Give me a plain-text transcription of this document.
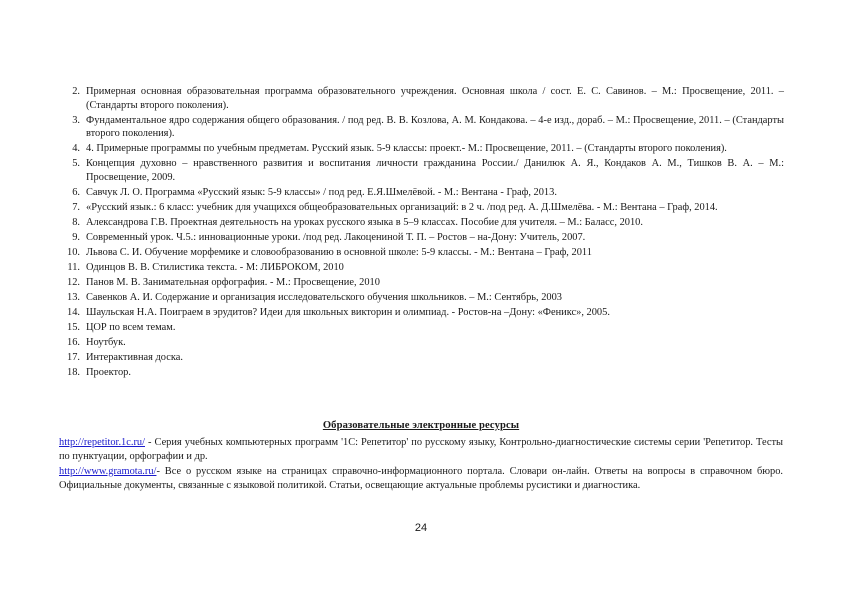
2. Примерная основная образовательная программа образовательного учреждения. Основная школа / сост. Е. С. Савинов. – М.: Просвещение, 2011. – (Стандарты второго поколения).
3. Фундаментальное ядро содержания общего образования. / под ред. В. В. Козлова, А. М. Кондакова. – 4-е изд., дораб. – М.: Просвещение, 2011. – (Стандарты второго поколения).
4. 4. Примерные программы по учебным предметам. Русский язык. 5-9 классы: проект.- М.: Просвещение, 2011. – (Стандарты второго поколения).
5. Концепция духовно – нравственного развития и воспитания личности гражданина России./ Данилюк А. Я., Кондаков А. М., Тишков В. А. – М.: Просвещение, 2009.
6. Савчук Л. О. Программа «Русский язык: 5-9 классы» / под ред. Е.Я.Шмелёвой. - М.: Вентана - Граф, 2013.
7. «Русский язык.: 6 класс: учебник для учащихся общеобразовательных организаций: в 2 ч. /под ред. А. Д.Шмелёва. - М.: Вентана – Граф, 2014.
8. Александрова Г.В. Проектная деятельность на уроках русского языка в 5–9 классах. Пособие для учителя. – М.: Баласс, 2010.
9. Современный урок. Ч.5.: инновационные уроки. /под ред. Лакоцениной Т. П. – Ростов – на-Дону: Учитель, 2007.
10. Львова С. И. Обучение морфемике и словообразованию в основной школе: 5-9 классы. - М.: Вентана – Граф, 2011
11. Одинцов В. В. Стилистика текста. - М: ЛИБРОКОМ, 2010
12. Панов М. В. Занимательная орфография. - М.: Просвещение, 2010
13. Савенков А. И. Содержание и организация исследовательского обучения школьников. – М.: Сентябрь, 2003
14. Шаульская Н.А. Поиграем в эрудитов? Идеи для школьных викторин и олимпиад. - Ростов-на –Дону: «Феникс», 2005.
15. ЦОР по всем темам.
16. Ноутбук.
17. Интерактивная доска.
18. Проектор.
Образовательные электронные ресурсы
http://repetitor.1c.ru/ - Серия учебных компьютерных программ '1С: Репетитор' по русскому языку, Контрольно-диагностические системы серии 'Репетитор. Тесты по пунктуации, орфографии и др.
http://www.gramota.ru/- Все о русском языке на страницах справочно-информационного портала. Словари он-лайн. Ответы на вопросы в справочном бюро. Официальные документы, связанные с языковой политикой. Статьи, освещающие актуальные проблемы русистики и диагностика.
24
